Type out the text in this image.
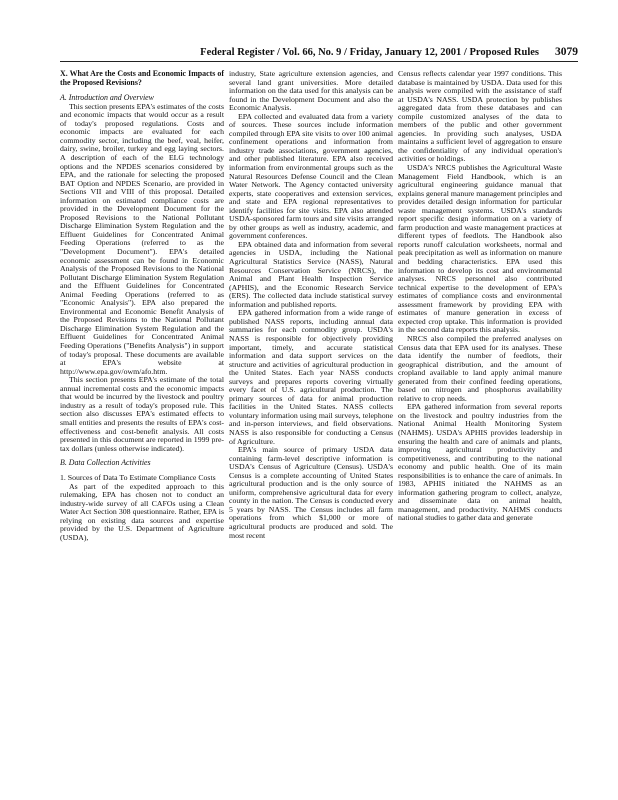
Federal Register / Vol. 66, No. 9 / Friday, January 12, 2001 / Proposed Rules 3079
X. What Are the Costs and Economic Impacts of the Proposed Revisions?
A. Introduction and Overview

This section presents EPA's estimates of the costs and economic impacts that would occur as a result of today's proposed regulations. Costs and economic impacts are evaluated for each commodity sector, including the beef, veal, heifer, dairy, swine, broiler, turkey and egg laying sectors. A description of each of the ELG technology options and the NPDES scenarios considered by EPA, and the rationale for selecting the proposed BAT Option and NPDES Scenario, are provided in Sections VII and VIII of this proposal. Detailed information on estimated compliance costs are provided in the Development Document for the Proposed Revisions to the National Pollutant Discharge Elimination System Regulation and the Effluent Guidelines for Concentrated Animal Feeding Operations (referred to as the "Development Document"). EPA's detailed economic assessment can be found in Economic Analysis of the Proposed Revisions to the National Pollutant Discharge Elimination System Regulation and the Effluent Guidelines for Concentrated Animal Feeding Operations (referred to as "Economic Analysis"). EPA also prepared the Environmental and Economic Benefit Analysis of the Proposed Revisions to the National Pollutant Discharge Elimination System Regulation and the Effluent Guidelines for Concentrated Animal Feeding Operations ("Benefits Analysis") in support of today's proposal. These documents are available at EPA's website at http://www.epa.gov/owm/afo.htm.

This section presents EPA's estimate of the total annual incremental costs and the economic impacts that would be incurred by the livestock and poultry industry as a result of today's proposed rule. This section also discusses EPA's estimated effects to small entities and presents the results of EPA's cost-effectiveness and cost-benefit analysis. All costs presented in this document are reported in 1999 pre-tax dollars (unless otherwise indicated).

B. Data Collection Activities
1. Sources of Data To Estimate Compliance Costs

As part of the expedited approach to this rulemaking, EPA has chosen not to conduct an industry-wide survey of all CAFOs using a Clean Water Act Section 308 questionnaire. Rather, EPA is relying on existing data sources and expertise provided by the U.S. Department of Agriculture (USDA),

industry, State agriculture extension agencies, and several land grant universities. More detailed information on the data used for this analysis can be found in the Development Document and also the Economic Analysis.

EPA collected and evaluated data from a variety of sources. These sources include information compiled through EPA site visits to over 100 animal confinement operations and information from industry trade associations, government agencies, and other published literature. EPA also received information from environmental groups such as the Natural Resources Defense Council and the Clean Water Network. The Agency contacted university experts, state cooperatives and extension services, and state and EPA regional representatives to identify facilities for site visits. EPA also attended USDA-sponsored farm tours and site visits arranged by other groups as well as industry, academic, and government conferences.

EPA obtained data and information from several agencies in USDA, including the National Agricultural Statistics Service (NASS), Natural Resources Conservation Service (NRCS), the Animal and Plant Health Inspection Service (APHIS), and the Economic Research Service (ERS). The collected data include statistical survey information and published reports.

EPA gathered information from a wide range of published NASS reports, including annual data summaries for each commodity group. USDA's NASS is responsible for objectively providing important, timely, and accurate statistical information and data support services on the structure and activities of agricultural production in the United States. Each year NASS conducts surveys and prepares reports covering virtually every facet of U.S. agricultural production. The primary sources of data for animal production facilities in the United States. NASS collects voluntary information using mail surveys, telephone and in-person interviews, and field observations. NASS is also responsible for conducting a Census of Agriculture.

EPA's main source of primary USDA data containing farm-level descriptive information is USDA's Census of Agriculture (Census). USDA's Census is a complete accounting of United States agricultural production and is the only source of uniform, comprehensive agricultural data for every county in the nation. The Census is conducted every 5 years by NASS. The Census includes all farm operations from which $1,000 or more of agricultural products are produced and sold. The most recent

Census reflects calendar year 1997 conditions. This database is maintained by USDA. Data used for this analysis were compiled with the assistance of staff at USDA's NASS. USDA protection by publishes aggregated data from these databases and can compile customized analyses of the data to members of the public and other government agencies. In providing such analyses, USDA maintains a sufficient level of aggregation to ensure the confidentiality of any individual operation's activities or holdings.

USDA's NRCS publishes the Agricultural Waste Management Field Handbook, which is an agricultural engineering guidance manual that explains general manure management principles and provides detailed design information for particular waste management systems. USDA's standards report specific design information on a variety of farm production and waste management practices at different types of feedlots. The Handbook also reports runoff calculation worksheets, normal and peak precipitation as well as information on manure and bedding characteristics. EPA used this information to develop its cost and environmental analyses. NRCS personnel also contributed technical expertise to the development of EPA's estimates of compliance costs and environmental assessment framework by providing EPA with estimates of manure generation in excess of expected crop uptake. This information is provided in the second data reports this analysis.

NRCS also compiled the preferred analyses on Census data that EPA used for its analyses. These data identify the number of feedlots, their geographical distribution, and the amount of cropland available to land apply animal manure generated from their confined feeding operations, based on nitrogen and phosphorus availability relative to crop needs.

EPA gathered information from several reports on the livestock and poultry industries from the National Animal Health Monitoring System (NAHMS). USDA's APHIS provides leadership in ensuring the health and care of animals and plants, improving agricultural productivity and competitiveness, and contributing to the national economy and public health. One of its main responsibilities is to enhance the care of animals. In 1983, APHIS initiated the NAHMS as an information gathering program to collect, analyze, and disseminate data on animal health, management, and productivity. NAHMS conducts national studies to gather data and generate
